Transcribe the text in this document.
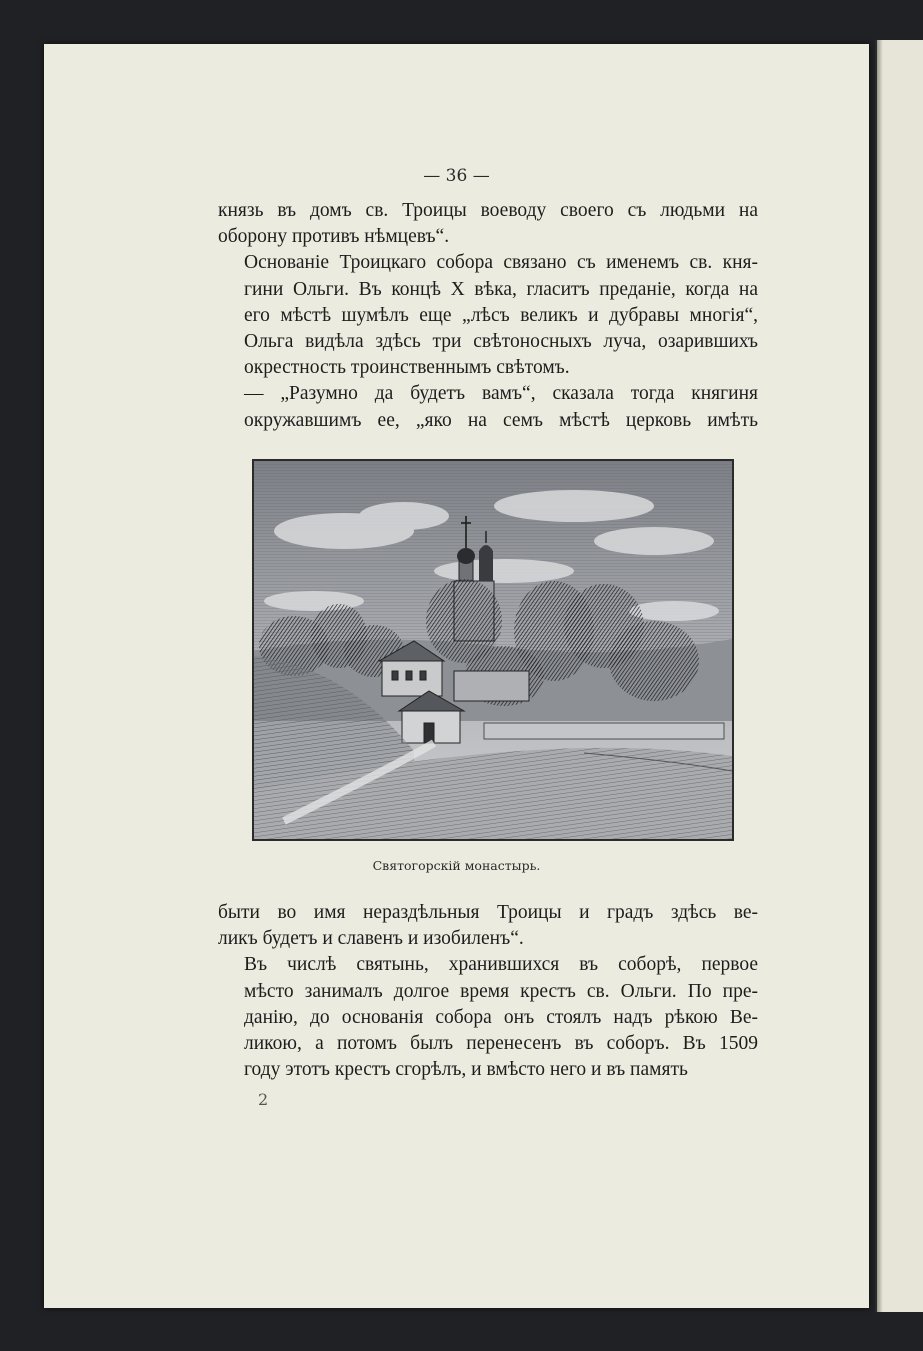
— 36 —

князь въ домъ св. Троицы воеводу своего съ людьми на
оборону противъ нѣмцевъ“.

Основаніе Троицкаго собора связано съ именемъ св. кня-
гини Ольги. Въ концѣ X вѣка, гласитъ преданіе, когда на
его мѣстѣ шумѣлъ еще „лѣсъ великъ и дубравы многія“,
Ольга видѣла здѣсь три свѣтоносныхъ луча, озарившихъ
окрестность троинственнымъ свѣтомъ.

— „Разумно да будетъ вамъ“, сказала тогда княгиня
окружавшимъ ее, „яко на семъ мѣстѣ церковь имѣть

Святогорскій монастырь.

быти во имя нераздѣльныя Троицы и градъ здѣсь ве-
ликъ будетъ и славенъ и изобиленъ“.

Въ числѣ святынь, хранившихся въ соборѣ, первое
мѣсто занималъ долгое время крестъ св. Ольги. По пре-
данію, до основанія собора онъ стоялъ надъ рѣкою Ве-
ликою, а потомъ былъ перенесенъ въ соборъ. Въ 1509
году этотъ крестъ сгорѣлъ, и вмѣсто него и въ память

2
